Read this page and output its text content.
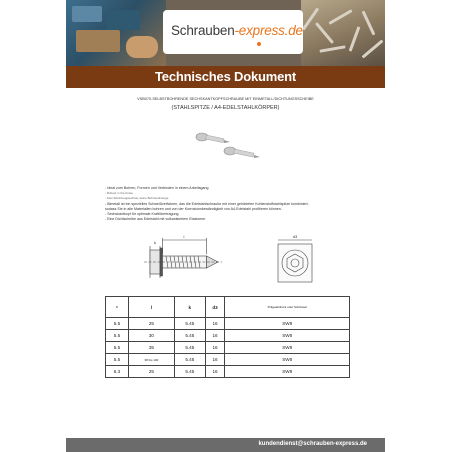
Schrauben-express.de
Technisches Dokument
VSB070-SELBSTBOHRENDE SECHSKANTKOPFSCHRAUBE MIT EINMETALL/DICHTUNGSSCHEIBE
(STAHLSPITZE / A4-EDELSTAHLKÖRPER)
- Ideal zum Bohren, Formen und Verbinden in einem Arbeitsgang
- Robust in the Koste
- Kein Werkzeugwechsel, keine Bohrwerkzeuge
- Bimetall ist ein spezielles Schweißverfahren, das die Edelstahlschraube mit einer gehärteten Kohlenstoffstahlspitze kombiniert,
sodass Sie in alle Materialien bohren und von der Korrosionsbeständigkeit von A4-Edelstahl profitieren können.
- Sechskantkopf für optimale Kraftübertragung
- Eine Dichtscheibe aus Edelstahl mit vulkanisiertem Elastomer
l
k
d3
D	l	k	d3	Prägeabdruck oder Schlüssel
5.5	25	5.45	16	SW8
5.5	30	5.45	16	SW8
5.5	35	5.45	16	SW8
5.5	38 bis 100	5.45	16	SW8
6.3	25	5.45	16	SW8
kundendienst@schrauben-express.de
